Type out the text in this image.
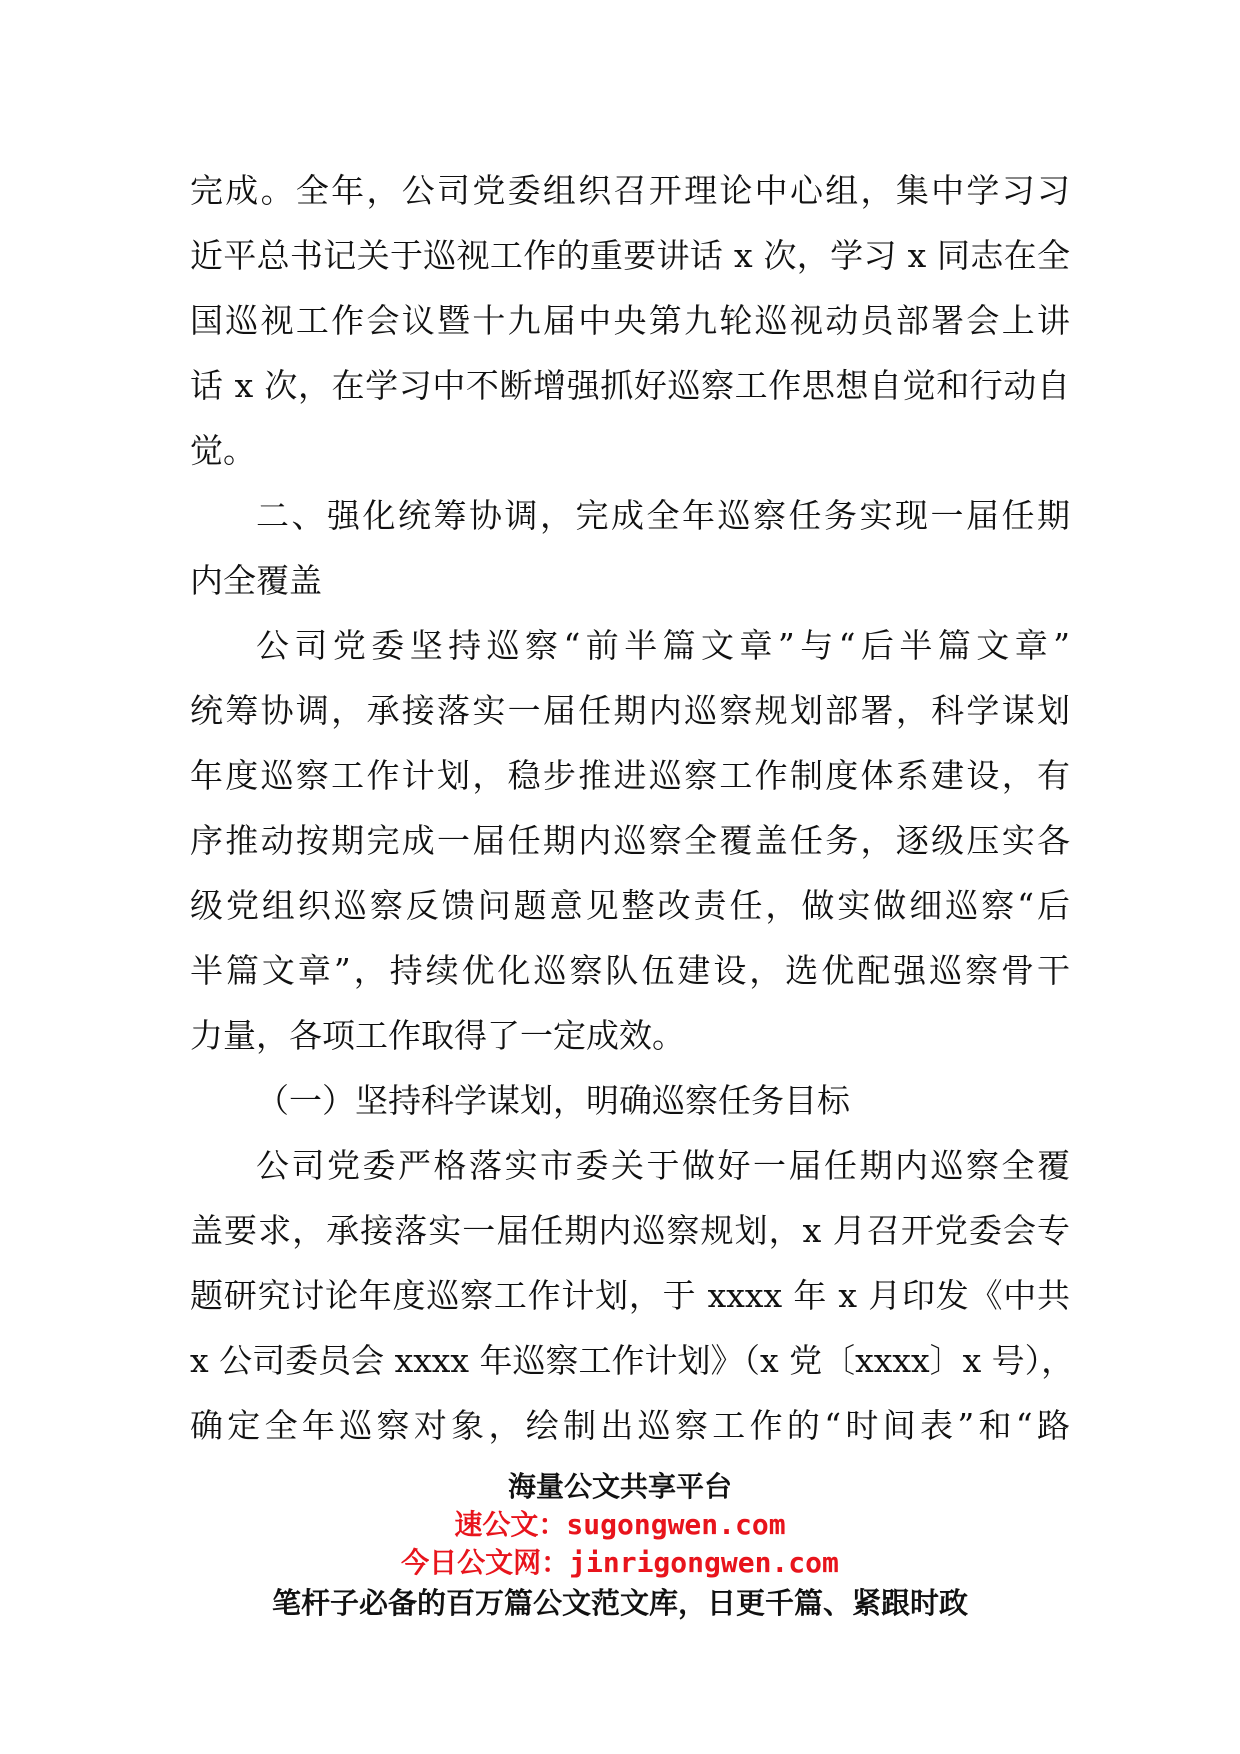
完成。全年，公司党委组织召开理论中心组，集中学习习
近平总书记关于巡视工作的重要讲话 x 次，学习 x 同志在全
国巡视工作会议暨十九届中央第九轮巡视动员部署会上讲
话 x 次，在学习中不断增强抓好巡察工作思想自觉和行动自
觉。
二、强化统筹协调，完成全年巡察任务实现一届任期
内全覆盖
公司党委坚持巡察“前半篇文章”与“后半篇文章”
统筹协调，承接落实一届任期内巡察规划部署，科学谋划
年度巡察工作计划，稳步推进巡察工作制度体系建设，有
序推动按期完成一届任期内巡察全覆盖任务，逐级压实各
级党组织巡察反馈问题意见整改责任，做实做细巡察“后
半篇文章”，持续优化巡察队伍建设，选优配强巡察骨干
力量，各项工作取得了一定成效。
（一）坚持科学谋划，明确巡察任务目标
公司党委严格落实市委关于做好一届任期内巡察全覆
盖要求，承接落实一届任期内巡察规划，x 月召开党委会专
题研究讨论年度巡察工作计划，于 xxxx 年 x 月印发《中共
x 公司委员会 xxxx 年巡察工作计划》（x 党〔xxxx〕x 号），
确定全年巡察对象，绘制出巡察工作的“时间表”和“路
海量公文共享平台
速公文：sugongwen.com
今日公文网：jinrigongwen.com
笔杆子必备的百万篇公文范文库，日更千篇、紧跟时政
